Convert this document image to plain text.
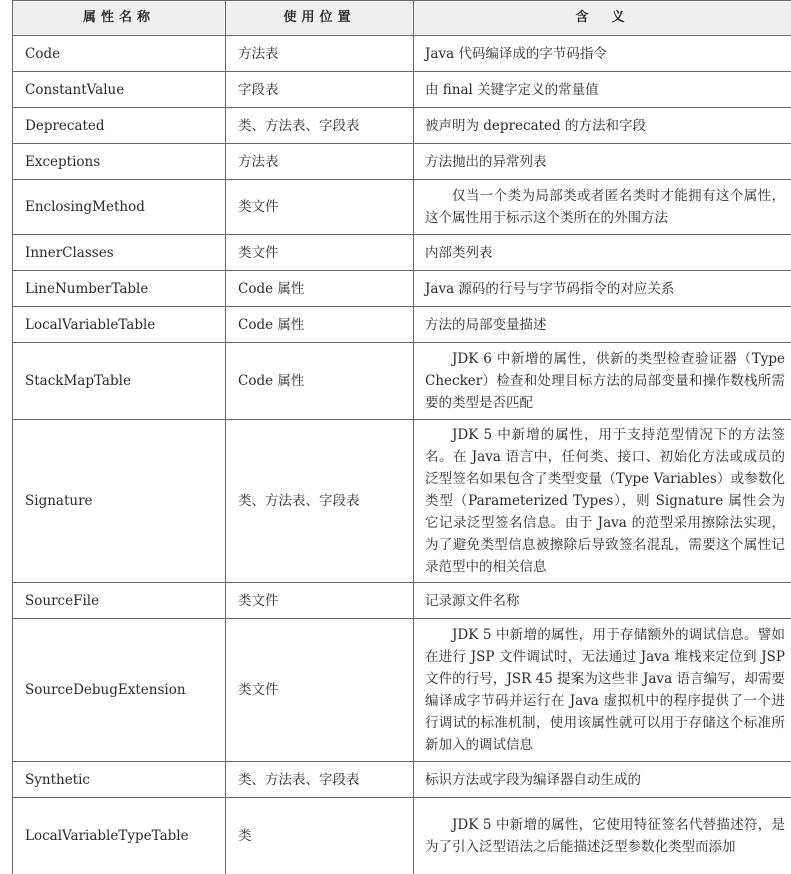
属性名称	使用位置	含　义
Code	方法表	Java 代码编译成的字节码指令
ConstantValue	字段表	由 final 关键字定义的常量值
Deprecated	类、方法表、字段表	被声明为 deprecated 的方法和字段
Exceptions	方法表	方法抛出的异常列表
EnclosingMethod	类文件	仅当一个类为局部类或者匿名类时才能拥有这个属性，这个属性用于标示这个类所在的外围方法
InnerClasses	类文件	内部类列表
LineNumberTable	Code 属性	Java 源码的行号与字节码指令的对应关系
LocalVariableTable	Code 属性	方法的局部变量描述
StackMapTable	Code 属性	JDK 6 中新增的属性，供新的类型检查验证器（Type Checker）检查和处理目标方法的局部变量和操作数栈所需要的类型是否匹配
Signature	类、方法表、字段表	JDK 5 中新增的属性，用于支持范型情况下的方法签名。在 Java 语言中，任何类、接口、初始化方法或成员的泛型签名如果包含了类型变量（Type Variables）或参数化类型（Parameterized Types），则 Signature 属性会为它记录泛型签名信息。由于 Java 的范型采用擦除法实现，为了避免类型信息被擦除后导致签名混乱，需要这个属性记录范型中的相关信息
SourceFile	类文件	记录源文件名称
SourceDebugExtension	类文件	JDK 5 中新增的属性，用于存储额外的调试信息。譬如在进行 JSP 文件调试时，无法通过 Java 堆栈来定位到 JSP 文件的行号，JSR 45 提案为这些非 Java 语言编写，却需要编译成字节码并运行在 Java 虚拟机中的程序提供了一个进行调试的标准机制，使用该属性就可以用于存储这个标准所新加入的调试信息
Synthetic	类、方法表、字段表	标识方法或字段为编译器自动生成的
LocalVariableTypeTable	类	JDK 5 中新增的属性，它使用特征签名代替描述符，是为了引入泛型语法之后能描述泛型参数化类型而添加
